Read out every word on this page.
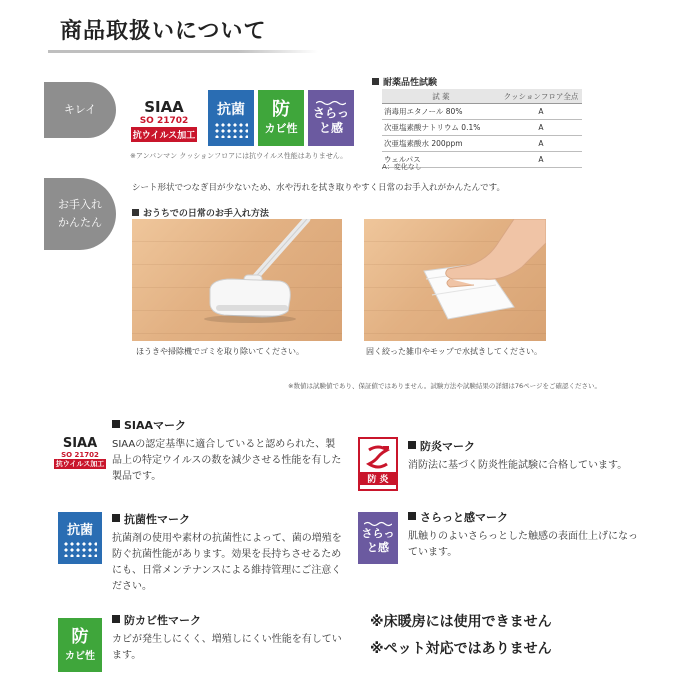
商品取扱いについて
キレイ
お手入れ
かんたん
SIAA
SO 21702
抗ウイルス加工
抗菌 防
カビ性
さらっ
と感
※アンパンマン クッションフロアには抗ウイルス性能はありません。
耐薬品性試験
試 薬	クッションフロア全点
消毒用エタノール 80%	A
次亜塩素酸ナトリウム 0.1%	A
次亜塩素酸水 200ppm	A
ウェルパス	A
A：変化なし
シート形状でつなぎ目が少ないため、水や汚れを拭き取りやすく日常のお手入れがかんたんです。
おうちでの日常のお手入れ方法
ほうきや掃除機でゴミを取り除いてください。	固く絞った雑巾やモップで水拭きしてください。
※数値は試験値であり、保証値ではありません。試験方法や試験結果の詳細は76ページをご確認ください。
SIAA
SO 21702
抗ウイルス加工
SIAAマーク
SIAAの認定基準に適合していると認められた、製品上の特定ウイルスの数を減少させる性能を有した製品です。
抗菌
抗菌性マーク
抗菌剤の使用や素材の抗菌性によって、菌の増殖を防ぐ抗菌性能があります。効果を長持ちさせるためにも、日常メンテナンスによる維持管理にご注意ください。
防
カビ性
防カビ性マーク
カビが発生しにくく、増殖しにくい性能を有しています。
防 炎
防炎マーク
消防法に基づく防炎性能試験に合格しています。
さらっ
と感
さらっと感マーク
肌触りのよいさらっとした触感の表面仕上げになっています。
※床暖房には使用できません
※ペット対応ではありません
